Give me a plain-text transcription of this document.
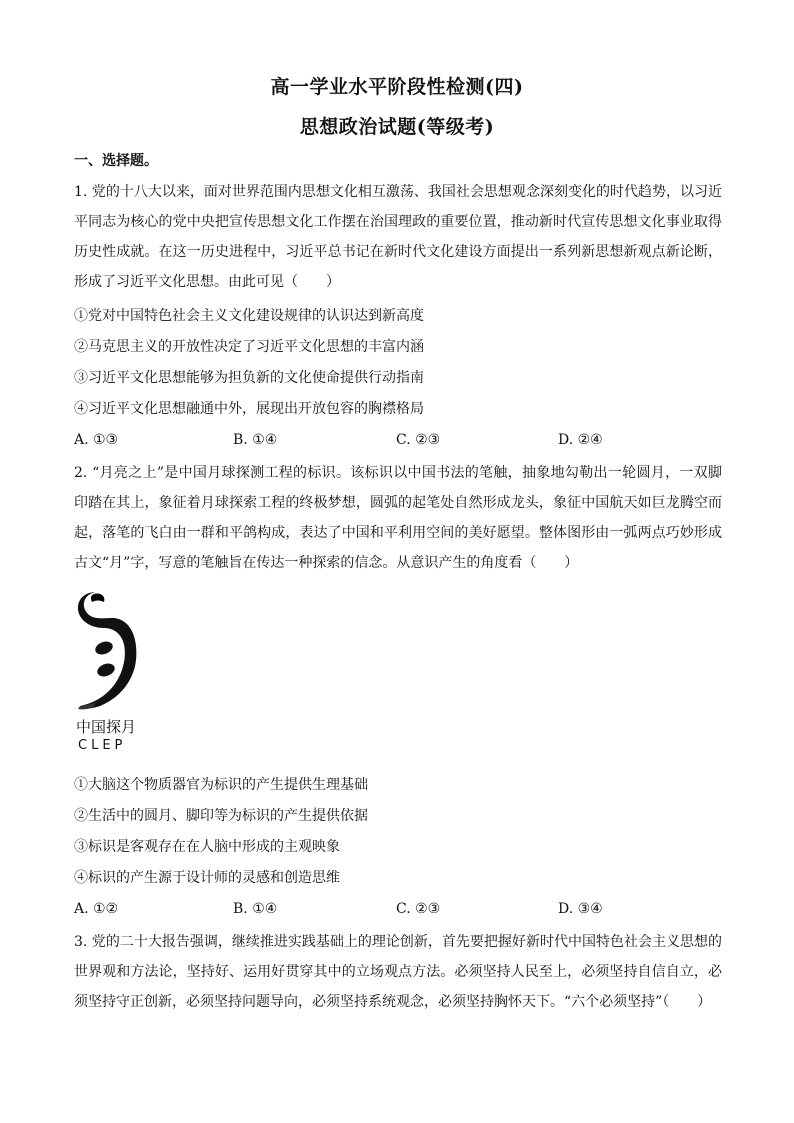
高一学业水平阶段性检测(四)
思想政治试题(等级考)
一、选择题。
1. 党的十八大以来，面对世界范围内思想文化相互激荡、我国社会思想观念深刻变化的时代趋势，以习近平同志为核心的党中央把宣传思想文化工作摆在治国理政的重要位置，推动新时代宣传思想文化事业取得历史性成就。在这一历史进程中，习近平总书记在新时代文化建设方面提出一系列新思想新观点新论断，形成了习近平文化思想。由此可见（　　）
①党对中国特色社会主义文化建设规律的认识达到新高度
②马克思主义的开放性决定了习近平文化思想的丰富内涵
③习近平文化思想能够为担负新的文化使命提供行动指南
④习近平文化思想融通中外，展现出开放包容的胸襟格局
A. ①③	B. ①④	C. ②③	D. ②④
2. “月亮之上”是中国月球探测工程的标识。该标识以中国书法的笔触，抽象地勾勒出一轮圆月，一双脚印踏在其上，象征着月球探索工程的终极梦想，圆弧的起笔处自然形成龙头，象征中国航天如巨龙腾空而起，落笔的飞白由一群和平鸽构成，表达了中国和平利用空间的美好愿望。整体图形由一弧两点巧妙形成古文“月”字，写意的笔触旨在传达一种探索的信念。从意识产生的角度看（　　）
中国探月
CLEP
①大脑这个物质器官为标识的产生提供生理基础
②生活中的圆月、脚印等为标识的产生提供依据
③标识是客观存在在人脑中形成的主观映象
④标识的产生源于设计师的灵感和创造思维
A. ①②	B. ①④	C. ②③	D. ③④
3. 党的二十大报告强调，继续推进实践基础上的理论创新，首先要把握好新时代中国特色社会主义思想的世界观和方法论，坚持好、运用好贯穿其中的立场观点方法。必须坚持人民至上，必须坚持自信自立，必须坚持守正创新，必须坚持问题导向，必须坚持系统观念，必须坚持胸怀天下。“六个必须坚持”（　　）
